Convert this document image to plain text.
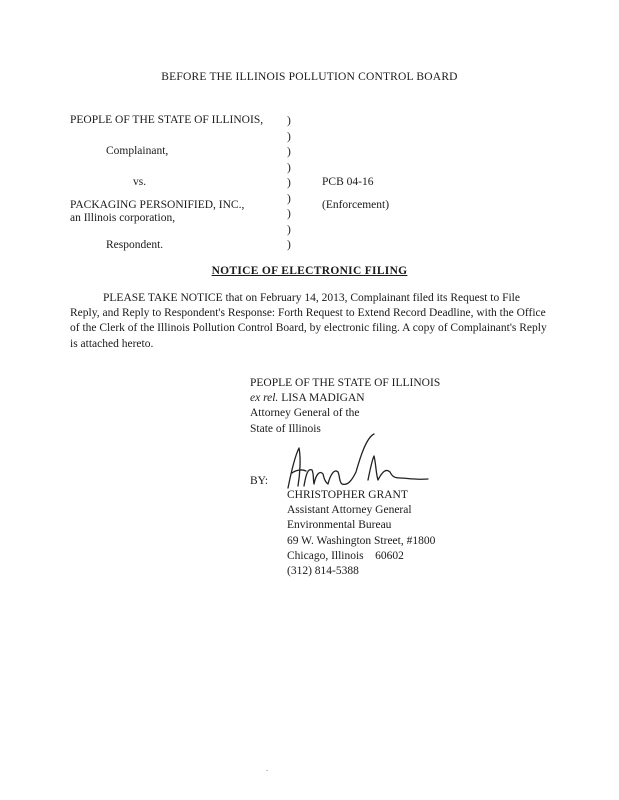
BEFORE THE ILLINOIS POLLUTION CONTROL BOARD
PEOPLE OF THE STATE OF ILLINOIS,
Complainant,
vs.
PACKAGING PERSONIFIED, INC.,
an Illinois corporation,
Respondent.
)
)
)
)
)
)
)
)
)
PCB 04-16
(Enforcement)
NOTICE OF ELECTRONIC FILING
PLEASE TAKE NOTICE that on February 14, 2013, Complainant filed its Request to File Reply, and Reply to Respondent's Response: Forth Request to Extend Record Deadline, with the Office of the Clerk of the Illinois Pollution Control Board, by electronic filing. A copy of Complainant's Reply is attached hereto.
PEOPLE OF THE STATE OF ILLINOIS
ex rel. LISA MADIGAN
Attorney General of the
State of Illinois
BY:
CHRISTOPHER GRANT
Assistant Attorney General
Environmental Bureau
69 W. Washington Street, #1800
Chicago, Illinois    60602
(312) 814-5388
.
